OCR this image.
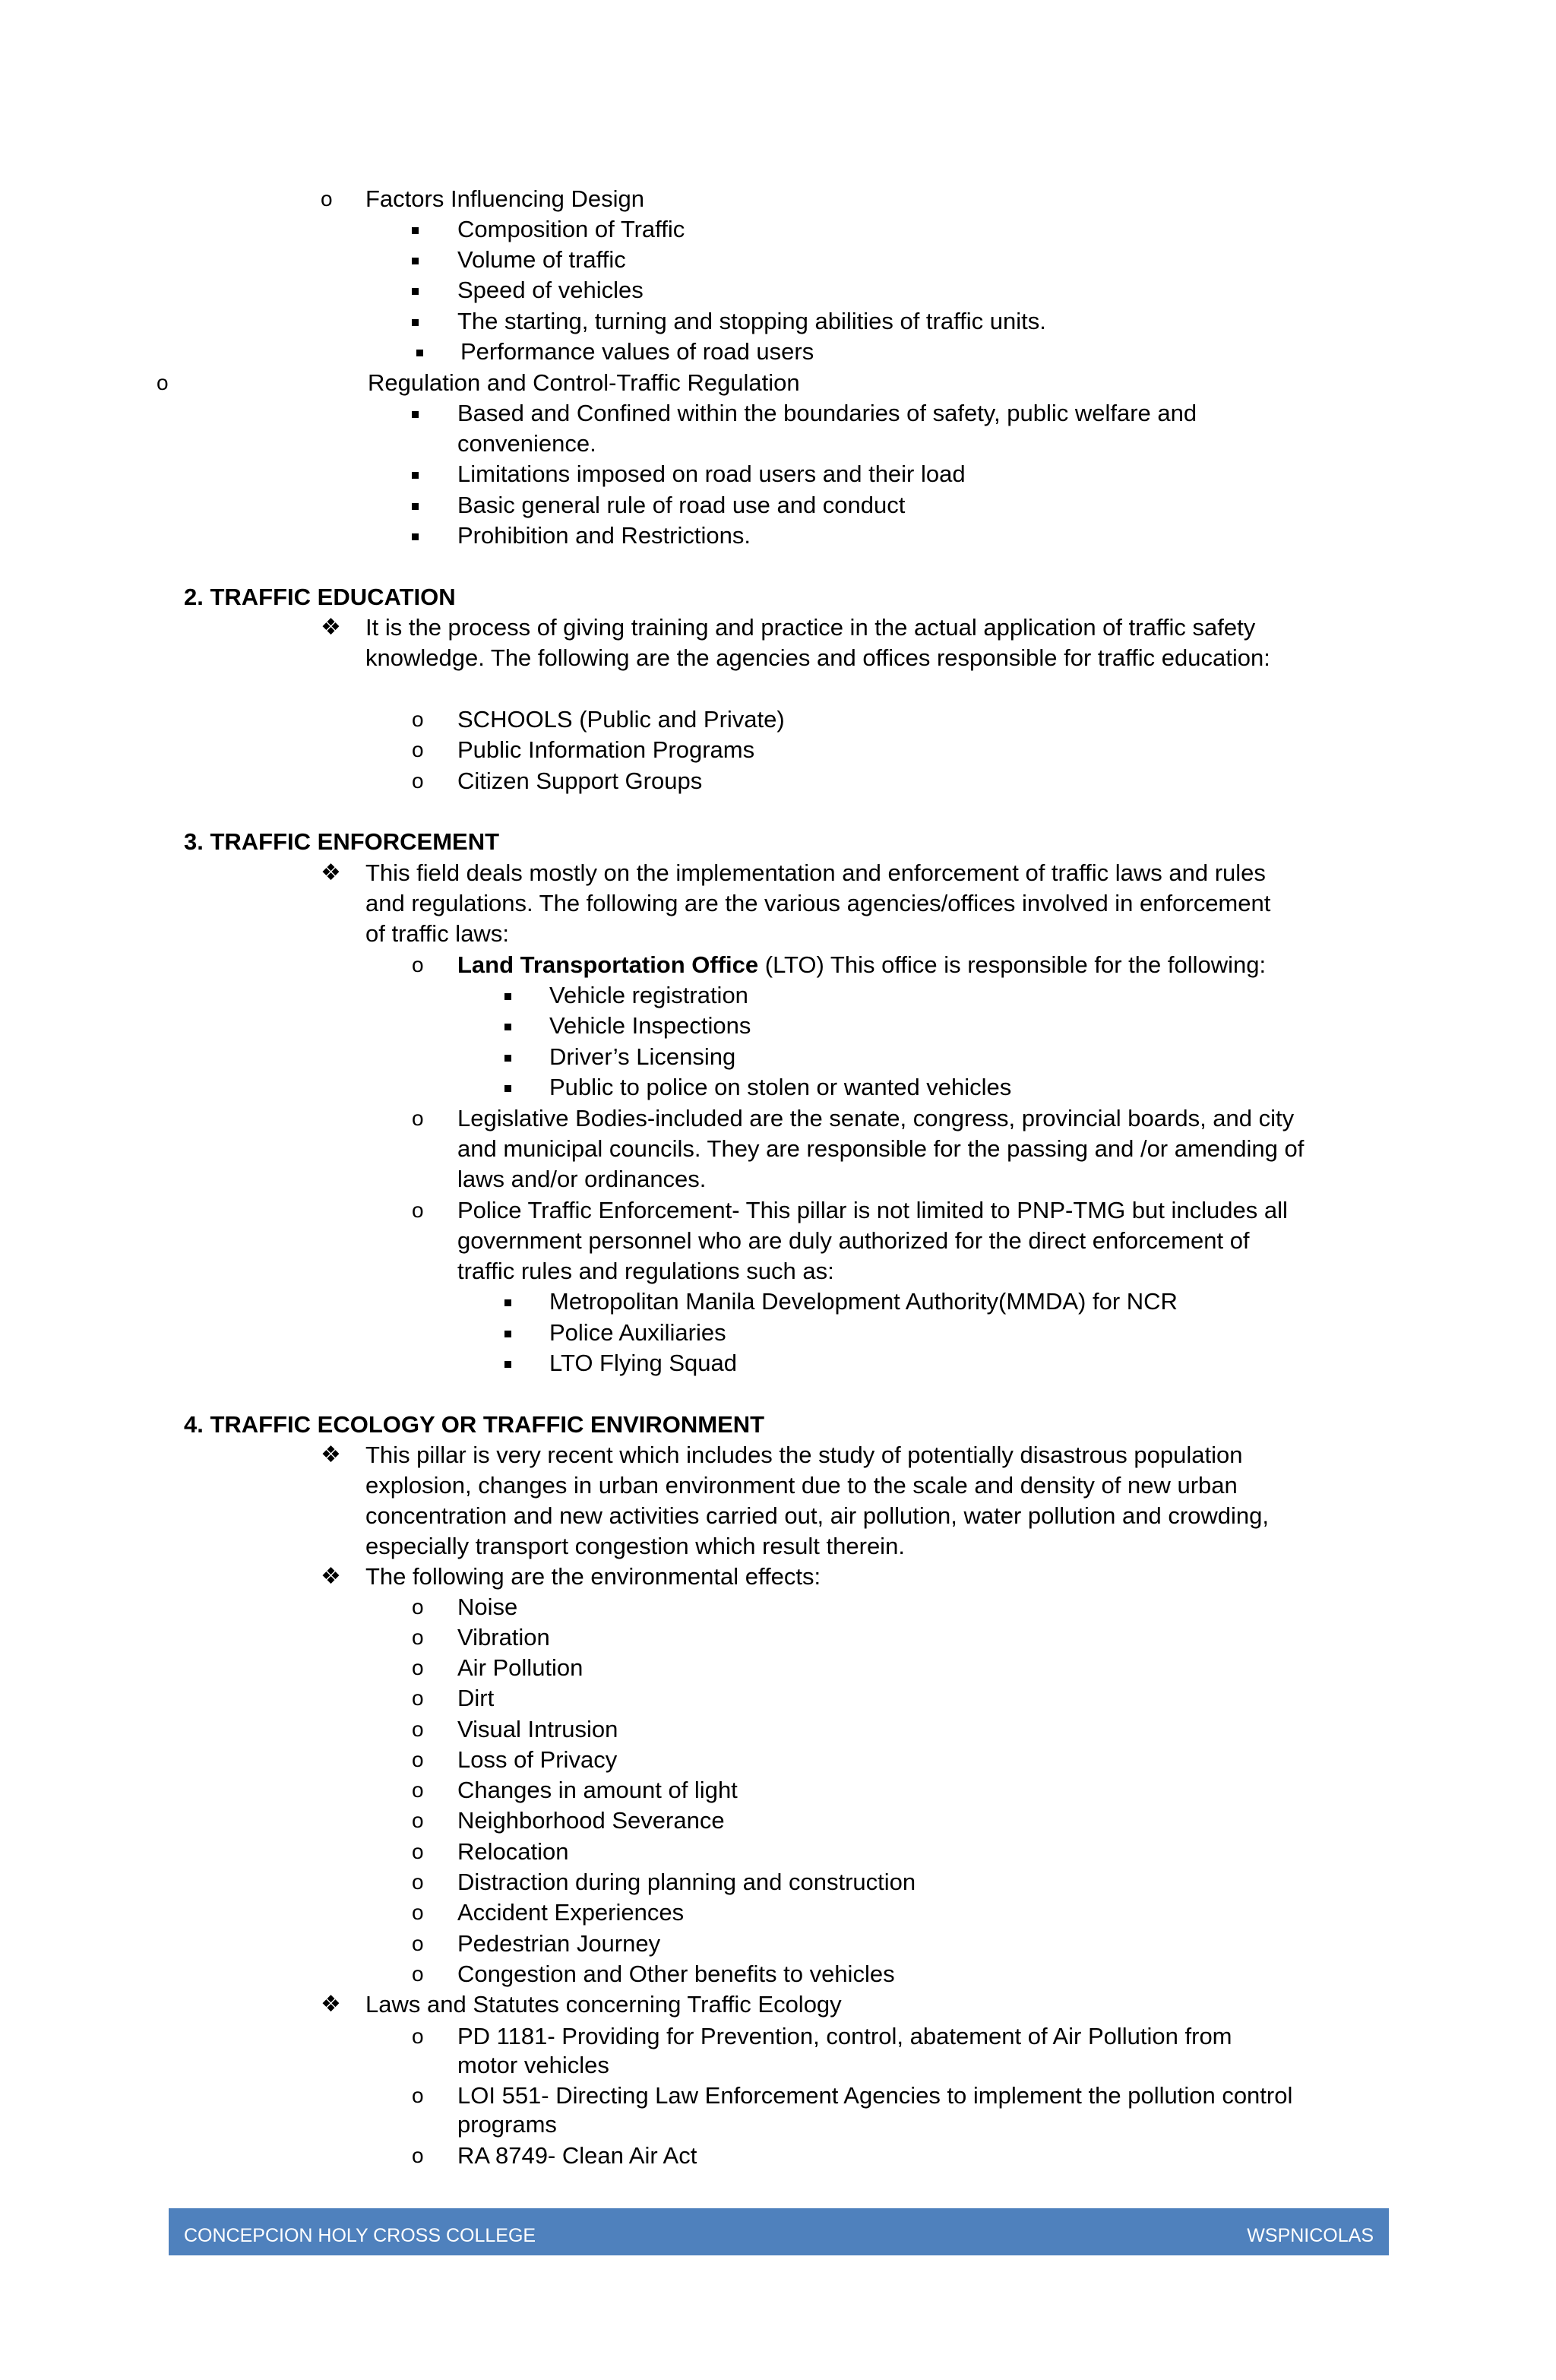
o Factors Influencing Design
Composition of Traffic
Volume of traffic
Speed of vehicles
The starting, turning and stopping abilities of traffic units.
Performance values of road users
o	Regulation and Control-Traffic Regulation
Based and Confined within the boundaries of safety, public welfare and
convenience.
Limitations imposed on road users and their load
Basic general rule of road use and conduct
Prohibition and Restrictions.
2. TRAFFIC EDUCATION
❖ It is the process of giving training and practice in the actual application of traffic safety
knowledge. The following are the agencies and offices responsible for traffic education:
o SCHOOLS (Public and Private)
o Public Information Programs
o Citizen Support Groups
3. TRAFFIC ENFORCEMENT
❖ This field deals mostly on the implementation and enforcement of traffic laws and rules
and regulations. The following are the various agencies/offices involved in enforcement
of traffic laws:
o Land Transportation Office (LTO) This office is responsible for the following:
Vehicle registration
Vehicle Inspections
Driver’s Licensing
Public to police on stolen or wanted vehicles
o Legislative Bodies-included are the senate, congress, provincial boards, and city
and municipal councils. They are responsible for the passing and /or amending of
laws and/or ordinances.
o Police Traffic Enforcement- This pillar is not limited to PNP-TMG but includes all
government personnel who are duly authorized for the direct enforcement of
traffic rules and regulations such as:
Metropolitan Manila Development Authority(MMDA) for NCR
Police Auxiliaries
LTO Flying Squad
4. TRAFFIC ECOLOGY OR TRAFFIC ENVIRONMENT
❖ This pillar is very recent which includes the study of potentially disastrous population
explosion, changes in urban environment due to the scale and density of new urban
concentration and new activities carried out, air pollution, water pollution and crowding,
especially transport congestion which result therein.
❖ The following are the environmental effects:
o Noise
o Vibration
o Air Pollution
o Dirt
o Visual Intrusion
o Loss of Privacy
o Changes in amount of light
o Neighborhood Severance
o Relocation
o Distraction during planning and construction
o Accident Experiences
o Pedestrian Journey
o Congestion and Other benefits to vehicles
❖ Laws and Statutes concerning Traffic Ecology
o PD 1181- Providing for Prevention, control, abatement of Air Pollution from
motor vehicles
o LOI 551- Directing Law Enforcement Agencies to implement the pollution control
programs
o RA 8749- Clean Air Act
CONCEPCION HOLY CROSS COLLEGE	WSPNICOLAS
